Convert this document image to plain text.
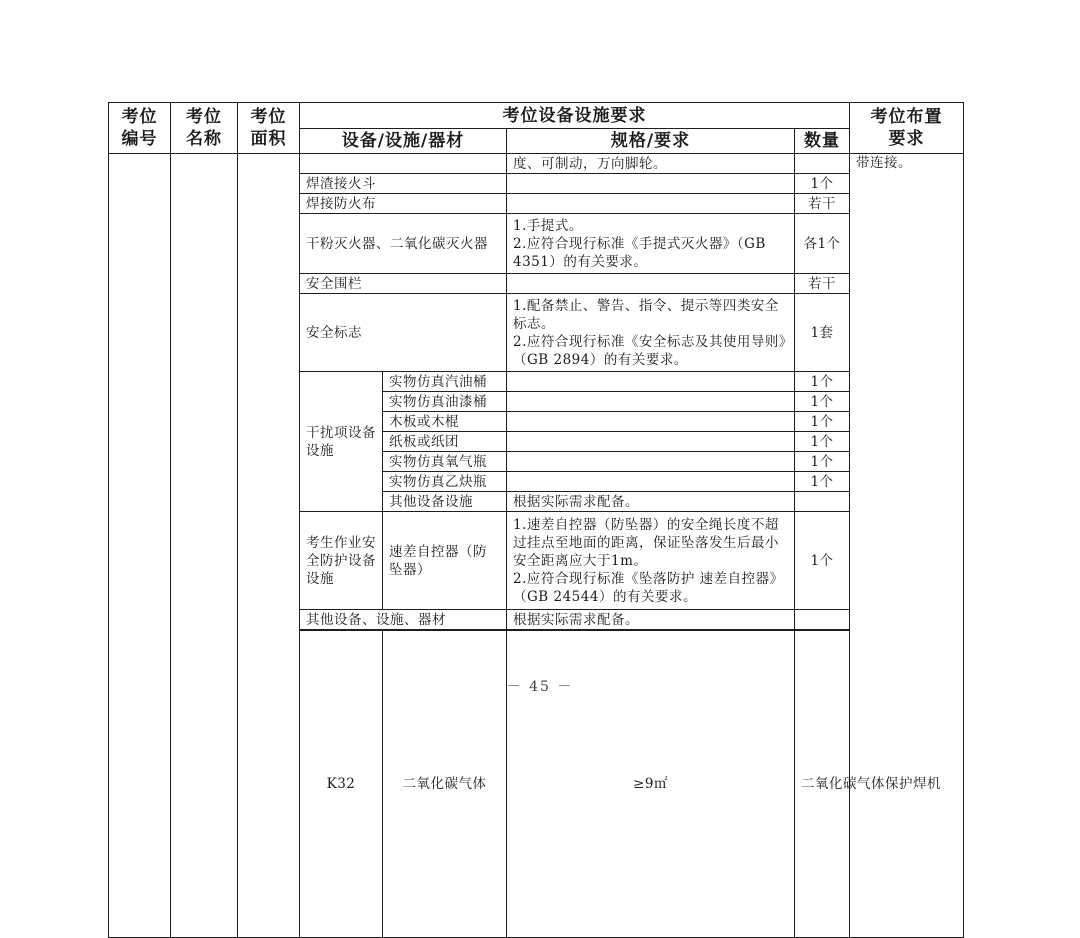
考位
编号	考位
名称	考位
面积	考位设备设施要求				考位布置
要求	

			设备/设施/器材		规格/要求	数量		
					度、可制动，万向脚轮。		带连接。	
			焊渣接火斗			1个		
			焊接防火布			若干		
			干粉灭火器、二氧化碳灭火器		1.手提式。
2.应符合现行标准《手提式灭火器》（GB 4351）的有关要求。	各1个		
			安全围栏			若干		
			安全标志		1.配备禁止、警告、指令、提示等四类安全标志。
2.应符合现行标准《安全标志及其使用导则》（GB 2894）的有关要求。	1套		
			干扰项设备设施	实物仿真汽油桶		1个		
				实物仿真油漆桶		1个		
				木板或木棍		1个		
				纸板或纸团		1个		
				实物仿真氧气瓶		1个		
				实物仿真乙炔瓶		1个		
				其他设备设施	根据实际需求配备。			
			考生作业安全防护设备设施	速差自控器（防坠器）	1.速差自控器（防坠器）的安全绳长度不超过挂点至地面的距离，保证坠落发生后最小安全距离应大于1m。
2.应符合现行标准《坠落防护 速差自控器》（GB 24544）的有关要求。	1个		
			其他设备、设施、器材		根据实际需求配备。			

			K32	二氧化碳气体	≥9㎡	二氧化碳气体保护焊机	

－ 45 －
